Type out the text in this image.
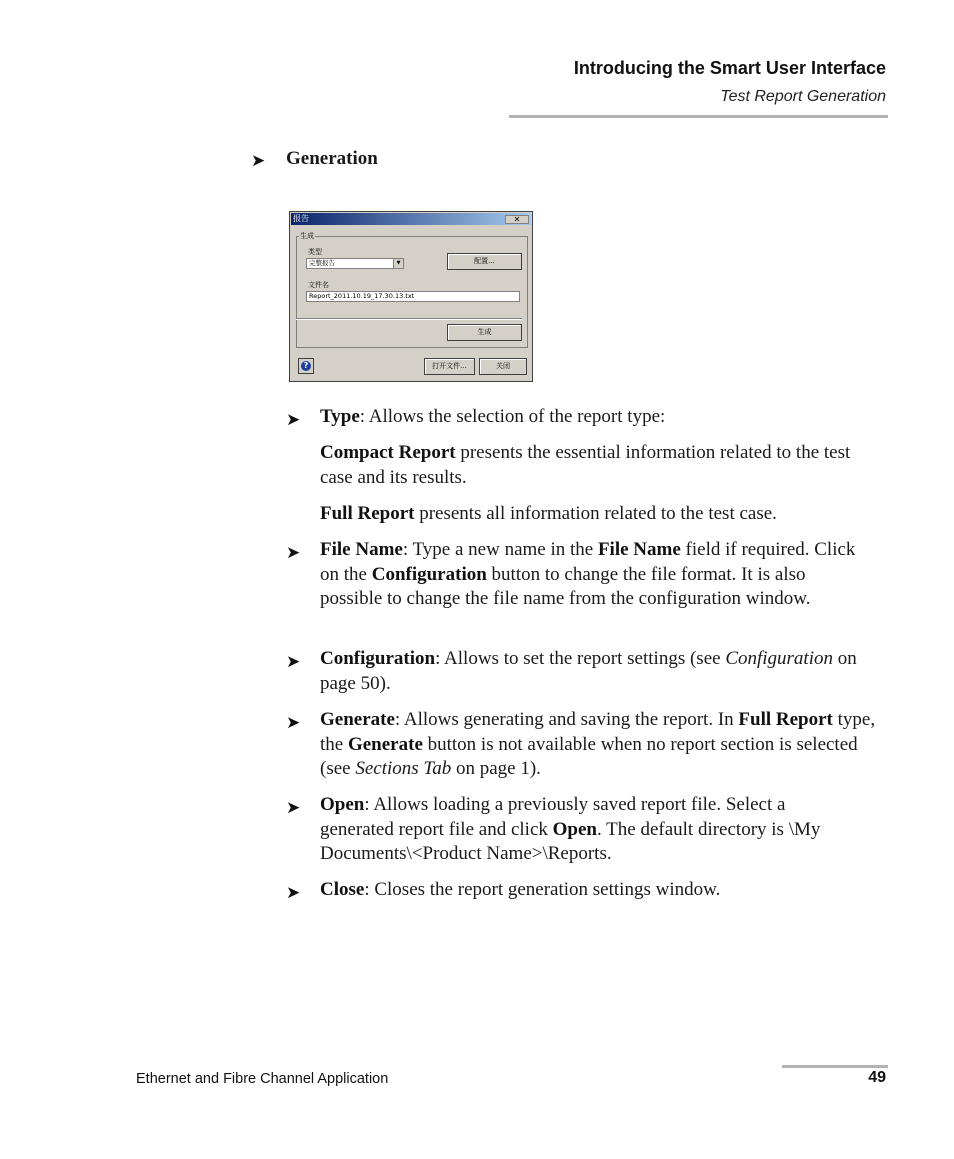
Introducing the Smart User Interface
Test Report Generation
➤ Generation
报告	✕
生成
类型
完整报告	▼	配置...
文件名
Report_2011.10.19_17.30.13.txt
生成
?	打开文件...	关闭
➤ Type: Allows the selection of the report type:
Compact Report presents the essential information related to the test case and its results.
Full Report presents all information related to the test case.
➤ File Name: Type a new name in the File Name field if required. Click on the Configuration button to change the file format. It is also possible to change the file name from the configuration window.
➤ Configuration: Allows to set the report settings (see Configuration on page 50).
➤ Generate: Allows generating and saving the report. In Full Report type, the Generate button is not available when no report section is selected (see Sections Tab on page 1).
➤ Open: Allows loading a previously saved report file. Select a generated report file and click Open. The default directory is \My Documents\<Product Name>\Reports.
➤ Close: Closes the report generation settings window.
Ethernet and Fibre Channel Application	49
